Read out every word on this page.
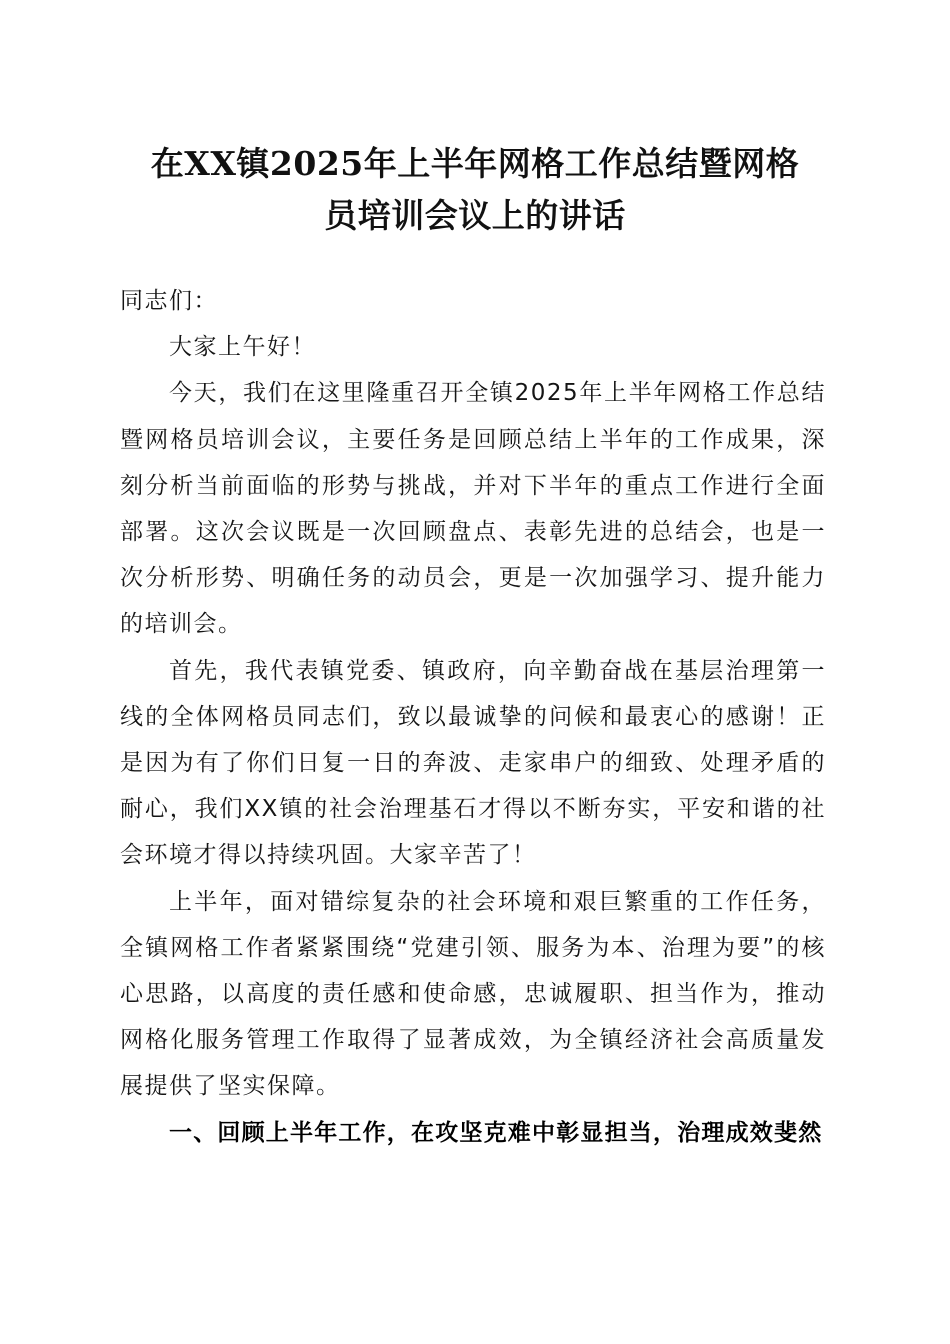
在XX镇2025年上半年网格工作总结暨网格
员培训会议上的讲话

同志们：

大家上午好！

今天，我们在这里隆重召开全镇2025年上半年网格工作总结暨网格员培训会议，主要任务是回顾总结上半年的工作成果，深刻分析当前面临的形势与挑战，并对下半年的重点工作进行全面部署。这次会议既是一次回顾盘点、表彰先进的总结会，也是一次分析形势、明确任务的动员会，更是一次加强学习、提升能力的培训会。

首先，我代表镇党委、镇政府，向辛勤奋战在基层治理第一线的全体网格员同志们，致以最诚挚的问候和最衷心的感谢！正是因为有了你们日复一日的奔波、走家串户的细致、处理矛盾的耐心，我们XX镇的社会治理基石才得以不断夯实，平安和谐的社会环境才得以持续巩固。大家辛苦了！

上半年，面对错综复杂的社会环境和艰巨繁重的工作任务，全镇网格工作者紧紧围绕“党建引领、服务为本、治理为要”的核心思路，以高度的责任感和使命感，忠诚履职、担当作为，推动网格化服务管理工作取得了显著成效，为全镇经济社会高质量发展提供了坚实保障。

一、回顾上半年工作，在攻坚克难中彰显担当，治理成效斐然
